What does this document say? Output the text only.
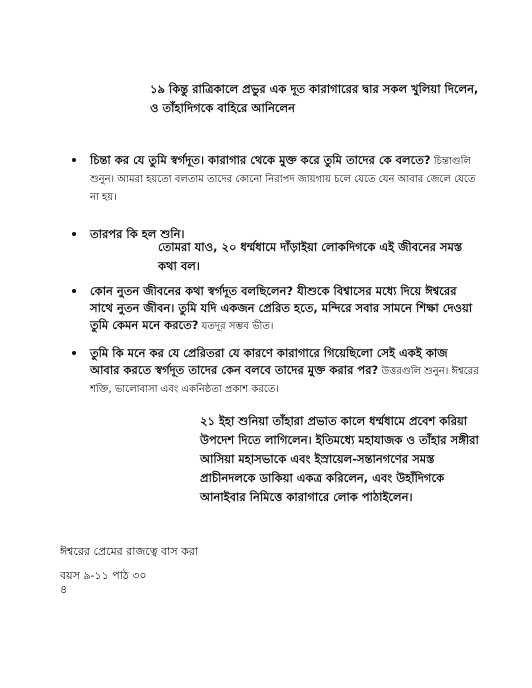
১৯ কিন্তু রাত্রিকালে প্রভুর এক দূত কারাগারের দ্বার সকল খুলিয়া দিলেন, ও তাঁহাদিগকে বাহিরে আনিলেন
চিন্তা কর যে তুমি স্বর্গদূত। কারাগার থেকে মুক্ত করে তুমি তাদের কে বলতে? চিন্তাগুলি শুনুন। আমরা হয়তো বলতাম তাদের কোনো নিরাপদ জায়গায় চলে যেতে যেন আবার জেলে যেতে না হয়।
তারপর কি হল শুনি।
তোমরা যাও, ২০ ধর্ম্মধামে দাঁড়াইয়া লোকদিগকে এই জীবনের সমস্ত কথা বল।
কোন নুতন জীবনের কথা স্বর্গদূত বলছিলেন? যীশুকে বিশ্বাসের মধ্যে দিয়ে ঈশ্বরের সাথে নুতন জীবন। তুমি যদি একজন প্রেরিত হতে, মন্দিরে সবার সামনে শিক্ষা দেওয়া তুমি কেমন মনে করতে? যতদূর সম্ভব ভীত।
তুমি কি মনে কর যে প্রেরিতরা যে কারণে কারাগারে গিয়েছিলো সেই একই কাজ আবার করতে স্বর্গদূত তাদের কেন বলবে তাদের মুক্ত করার পর? উত্তরগুলি শুনুন। ঈশ্বরের শক্তি, ভালোবাসা এবং একনিষ্ঠতা প্রকাশ করতে।
২১ ইহা শুনিয়া তাঁহারা প্রভাত কালে ধর্ম্মধামে প্রবেশ করিয়া উপদেশ দিতে লাগিলেন। ইতিমধ্যে মহাযাজক ও তাঁহার সঙ্গীরা আসিয়া মহাসভাকে এবং ইস্রায়েল-সন্তানগণের সমস্ত প্রাচীনদলকে ডাকিয়া একত্র করিলেন, এবং উহাঁদিগকে আনাইবার নিমিত্তে কারাগারে লোক পাঠাইলেন।
ঈশ্বরের প্রেমের রাজত্বে বাস করা
বয়স ৯-১১ পাঠ ৩০
৪
